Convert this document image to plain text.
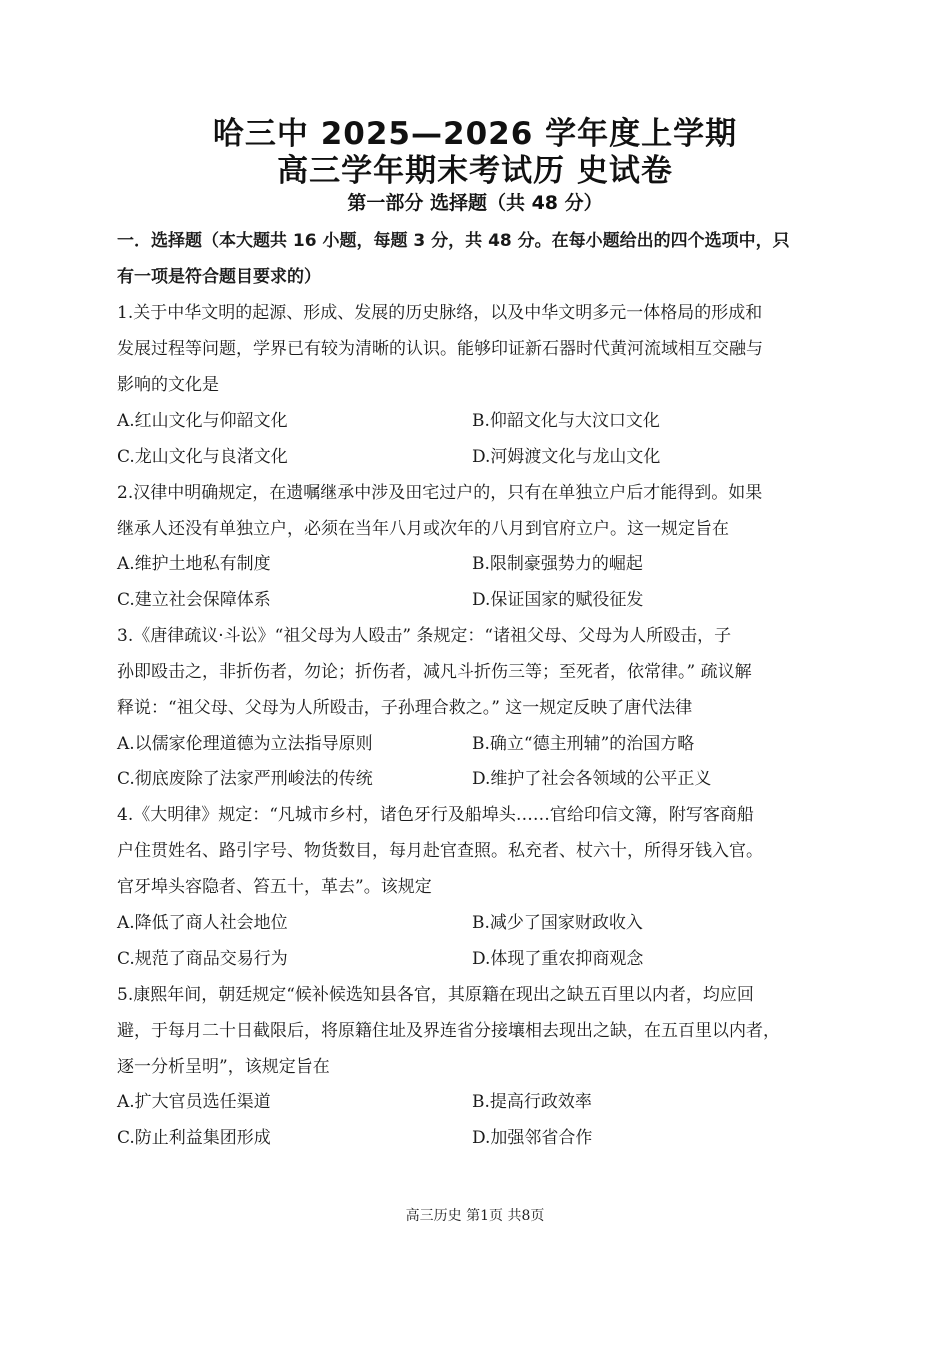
哈三中 2025—2026 学年度上学期
高三学年期末考试历 史试卷
第一部分 选择题（共 48 分）
一．选择题（本大题共 16 小题，每题 3 分，共 48 分。在每小题给出的四个选项中，只
有一项是符合题目要求的）
1.关于中华文明的起源、形成、发展的历史脉络，以及中华文明多元一体格局的形成和
发展过程等问题，学界已有较为清晰的认识。能够印证新石器时代黄河流域相互交融与
影响的文化是
A.红山文化与仰韶文化	B.仰韶文化与大汶口文化
C.龙山文化与良渚文化	D.河姆渡文化与龙山文化
2.汉律中明确规定，在遗嘱继承中涉及田宅过户的，只有在单独立户后才能得到。如果
继承人还没有单独立户，必须在当年八月或次年的八月到官府立户。这一规定旨在
A.维护土地私有制度	B.限制豪强势力的崛起
C.建立社会保障体系	D.保证国家的赋役征发
3.《唐律疏议·斗讼》“祖父母为人殴击” 条规定：“诸祖父母、父母为人所殴击，子
孙即殴击之，非折伤者，勿论；折伤者，减凡斗折伤三等；至死者，依常律。” 疏议解
释说：“祖父母、父母为人所殴击，子孙理合救之。” 这一规定反映了唐代法律
A.以儒家伦理道德为立法指导原则	B.确立“德主刑辅”的治国方略
C.彻底废除了法家严刑峻法的传统	D.维护了社会各领域的公平正义
4.《大明律》规定：“凡城市乡村，诸色牙行及船埠头……官给印信文簿，附写客商船
户住贯姓名、路引字号、物货数目，每月赴官查照。私充者、杖六十，所得牙钱入官。
官牙埠头容隐者、笞五十，革去”。该规定
A.降低了商人社会地位	B.减少了国家财政收入
C.规范了商品交易行为	D.体现了重农抑商观念
5.康熙年间，朝廷规定“候补候选知县各官，其原籍在现出之缺五百里以内者，均应回
避，于每月二十日截限后，将原籍住址及界连省分接壤相去现出之缺，在五百里以内者，
逐一分析呈明”，该规定旨在
A.扩大官员选任渠道	B.提高行政效率
C.防止利益集团形成	D.加强邻省合作
高三历史 第1页 共8页
